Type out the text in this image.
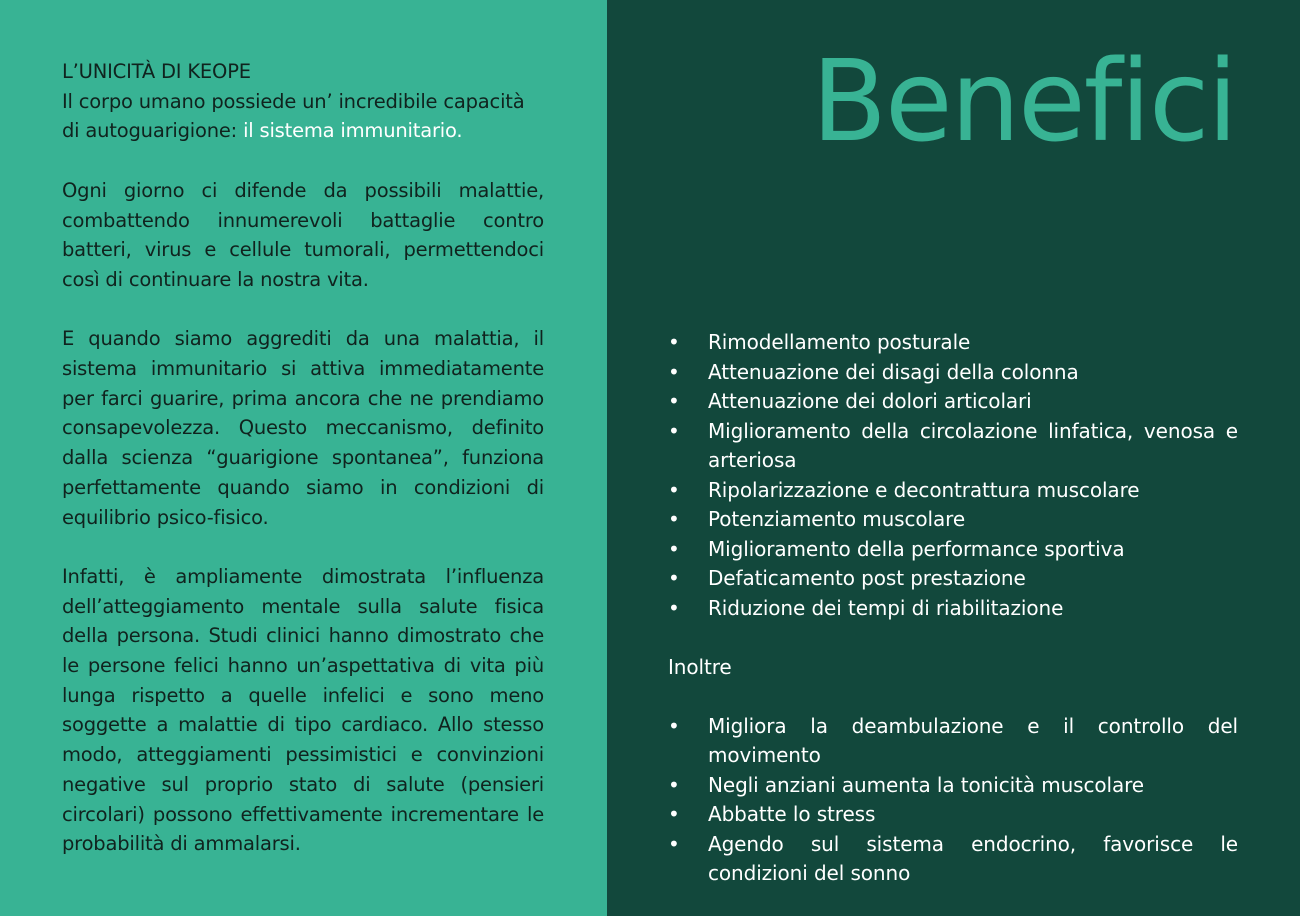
L’UNICITÀ DI KEOPE

Il corpo umano possiede un’ incredibile capacità di autoguarigione: il sistema immunitario.

Ogni giorno ci difende da possibili malattie, combattendo innumerevoli battaglie contro batteri, virus e cellule tumorali, permettendoci così di continuare la nostra vita.

E quando siamo aggrediti da una malattia, il sistema immunitario si attiva immediatamente per farci guarire, prima ancora che ne prendiamo consapevolezza. Questo meccanismo, definito dalla scienza “guarigione spontanea”, funziona perfettamente quando siamo in condizioni di equilibrio psico-fisico.

Infatti, è ampliamente dimostrata l’influenza dell’atteggiamento mentale sulla salute fisica della persona. Studi clinici hanno dimostrato che le persone felici hanno un’aspettativa di vita più lunga rispetto a quelle infelici e sono meno soggette a malattie di tipo cardiaco. Allo stesso modo, atteggiamenti pessimistici e convinzioni negative sul proprio stato di salute (pensieri circolari) possono effettivamente incrementare le probabilità di ammalarsi.

Benefici
•	Rimodellamento posturale
•	Attenuazione dei disagi della colonna
•	Attenuazione dei dolori articolari
•	Miglioramento della circolazione linfatica, venosa e arteriosa
•	Ripolarizzazione e decontrattura muscolare
•	Potenziamento muscolare
•	Miglioramento della performance sportiva
•	Defaticamento post prestazione
•	Riduzione dei tempi di riabilitazione

Inoltre

•	Migliora la deambulazione e il controllo del movimento
•	Negli anziani aumenta la tonicità muscolare
•	Abbatte lo stress
•	Agendo sul sistema endocrino, favorisce le condizioni del sonno
